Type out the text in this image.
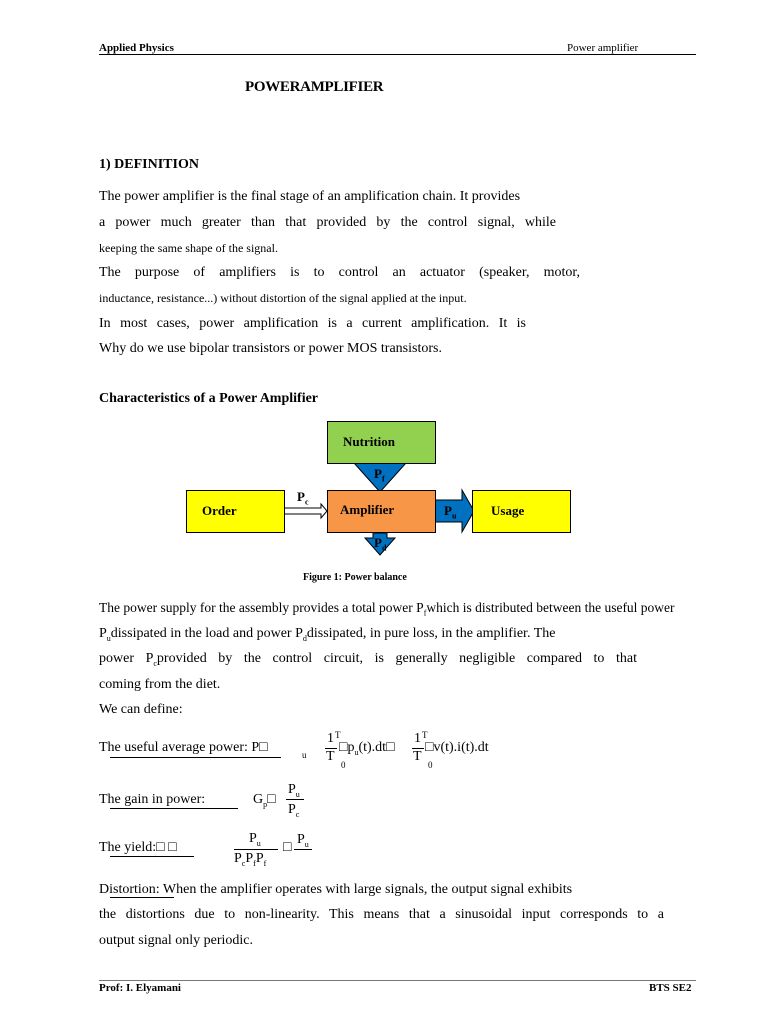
Applied Physics	Power amplifier
POWERAMPLIFIER
1) DEFINITION
The power amplifier is the final stage of an amplification chain. It provides
a power much greater than that provided by the control signal, while
keeping the same shape of the signal.
The purpose of amplifiers is to control an actuator (speaker, motor,
inductance, resistance...) without distortion of the signal applied at the input.
In most cases, power amplification is a current amplification. It is
Why do we use bipolar transistors or power MOS transistors.
Characteristics of a Power Amplifier
Nutrition
Order	Amplifier	Usage
$P_f$
$P_c$
$P_u$
$P_d$
Figure 1: Power balance
The power supply for the assembly provides a total power $P_fwhich$ is distributed between the useful power
$P_udissipated$ in the load and power $P_ddissipated$, in pure loss, in the amplifier. The
power $P_cprovided$ by the control circuit, is generally negligible compared to that
coming from the diet.
We can define:
The useful average power: P□	u
1 T
T
0
$□p_u(t).dt□$
1 T
T
0
□v(t).i(t).dt
The gain in power:	$G_p□$
$P_u$
$P_c$
The yield:□ □
$P_u$
$P_cP_fP_f$
□
$P_u$
Distortion: When the amplifier operates with large signals, the output signal exhibits
the distortions due to non-linearity. This means that a sinusoidal input corresponds to a
output signal only periodic.
Prof: I. Elyamani	BTS SE2
